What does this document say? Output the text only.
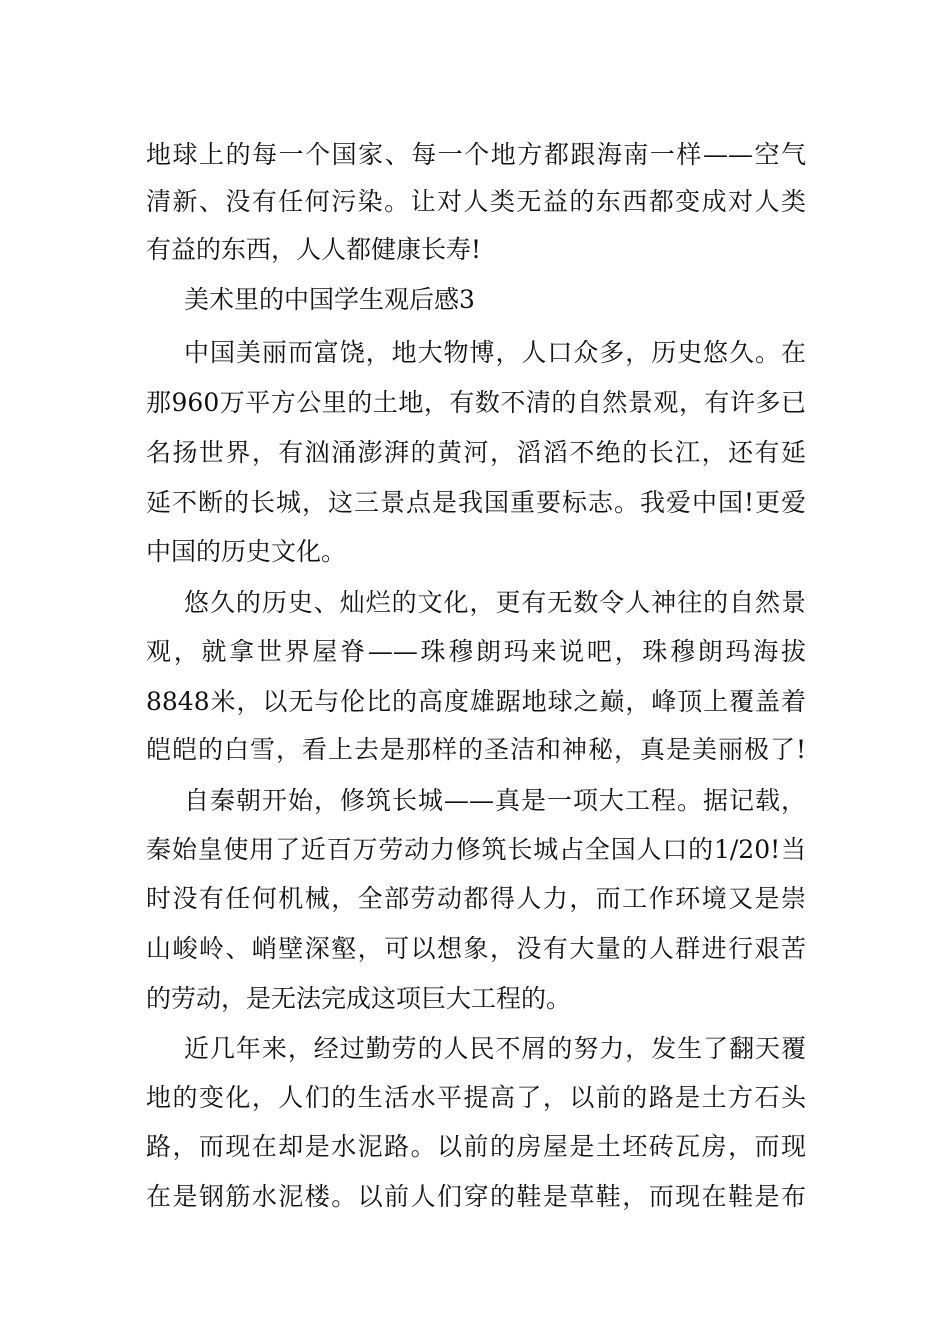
地球上的每一个国家、每一个地方都跟海南一样——空气
清新、没有任何污染。让对人类无益的东西都变成对人类
有益的东西，人人都健康长寿!
美术里的中国学生观后感3
中国美丽而富饶，地大物博，人口众多，历史悠久。在
那960万平方公里的土地，有数不清的自然景观，有许多已
名扬世界，有汹涌澎湃的黄河，滔滔不绝的长江，还有延
延不断的长城，这三景点是我国重要标志。我爱中国!更爱
中国的历史文化。
悠久的历史、灿烂的文化，更有无数令人神往的自然景
观，就拿世界屋脊——珠穆朗玛来说吧，珠穆朗玛海拔
8848米，以无与伦比的高度雄踞地球之巅，峰顶上覆盖着
皑皑的白雪，看上去是那样的圣洁和神秘，真是美丽极了!
自秦朝开始，修筑长城——真是一项大工程。据记载，
秦始皇使用了近百万劳动力修筑长城占全国人口的1/20!当
时没有任何机械，全部劳动都得人力，而工作环境又是崇
山峻岭、峭壁深壑，可以想象，没有大量的人群进行艰苦
的劳动，是无法完成这项巨大工程的。
近几年来，经过勤劳的人民不屑的努力，发生了翻天覆
地的变化，人们的生活水平提高了，以前的路是土方石头
路，而现在却是水泥路。以前的房屋是土坯砖瓦房，而现
在是钢筋水泥楼。以前人们穿的鞋是草鞋，而现在鞋是布
